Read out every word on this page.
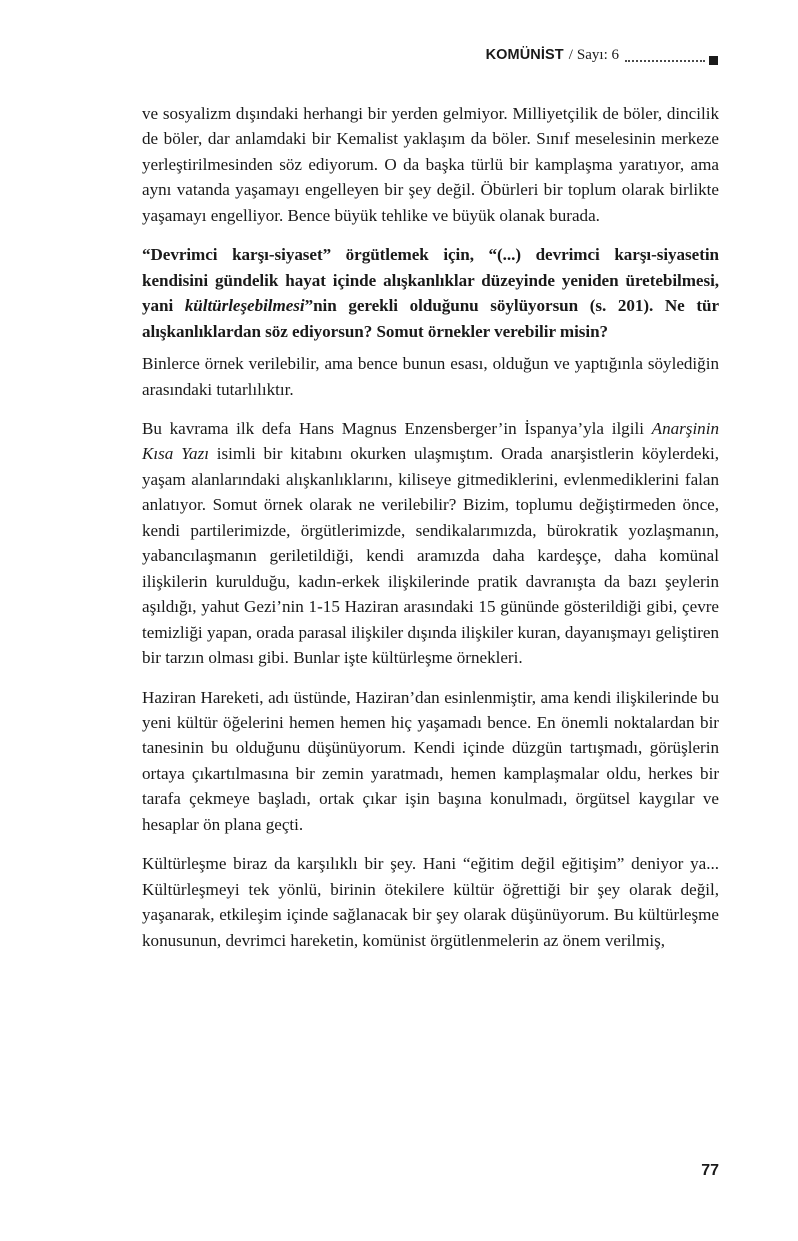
KOMÜNİST / Sayı: 6

ve sosyalizm dışındaki herhangi bir yerden gelmiyor. Milliyetçilik de böler, dincilik de böler, dar anlamdaki bir Kemalist yaklaşım da böler. Sınıf meselesinin merkeze yerleştirilmesinden söz ediyorum. O da başka türlü bir kamplaşma yaratıyor, ama aynı vatanda yaşamayı engelleyen bir şey değil. Öbürleri bir toplum olarak birlikte yaşamayı engelliyor. Bence büyük tehlike ve büyük olanak burada.

“Devrimci karşı-siyaset” örgütlemek için, “(...) devrimci karşı-siyasetin kendisini gündelik hayat içinde alışkanlıklar düzeyinde yeniden üretebilmesi, yani kültürleşebilmesi”nin gerekli olduğunu söylüyorsun (s. 201). Ne tür alışkanlıklardan söz ediyorsun? Somut örnekler verebilir misin?

Binlerce örnek verilebilir, ama bence bunun esası, olduğun ve yaptığınla söylediğin arasındaki tutarlılıktır.

Bu kavrama ilk defa Hans Magnus Enzensberger’in İspanya’yla ilgili Anarşinin Kısa Yazı isimli bir kitabını okurken ulaşmıştım. Orada anarşistlerin köylerdeki, yaşam alanlarındaki alışkanlıklarını, kiliseye gitmediklerini, evlenmediklerini falan anlatıyor. Somut örnek olarak ne verilebilir? Bizim, toplumu değiştirmeden önce, kendi partilerimizde, örgütlerimizde, sendikalarımızda, bürokratik yozlaşmanın, yabancılaşmanın geriletildiği, kendi aramızda daha kardeşçe, daha komünal ilişkilerin kurulduğu, kadın-erkek ilişkilerinde pratik davranışta da bazı şeylerin aşıldığı, yahut Gezi’nin 1-15 Haziran arasındaki 15 gününde gösterildiği gibi, çevre temizliği yapan, orada parasal ilişkiler dışında ilişkiler kuran, dayanışmayı geliştiren bir tarzın olması gibi. Bunlar işte kültürleşme örnekleri.

Haziran Hareketi, adı üstünde, Haziran’dan esinlenmiştir, ama kendi ilişkilerinde bu yeni kültür öğelerini hemen hemen hiç yaşamadı bence. En önemli noktalardan bir tanesinin bu olduğunu düşünüyorum. Kendi içinde düzgün tartışmadı, görüşlerin ortaya çıkartılmasına bir zemin yaratmadı, hemen kamplaşmalar oldu, herkes bir tarafa çekmeye başladı, ortak çıkar işin başına konulmadı, örgütsel kaygılar ve hesaplar ön plana geçti.

Kültürleşme biraz da karşılıklı bir şey. Hani “eğitim değil eğitişim” deniyor ya... Kültürleşmeyi tek yönlü, birinin ötekilere kültür öğrettiği bir şey olarak değil, yaşanarak, etkileşim içinde sağlanacak bir şey olarak düşünüyorum. Bu kültürleşme konusunun, devrimci hareketin, komünist örgütlenmelerin az önem verilmiş,

77
